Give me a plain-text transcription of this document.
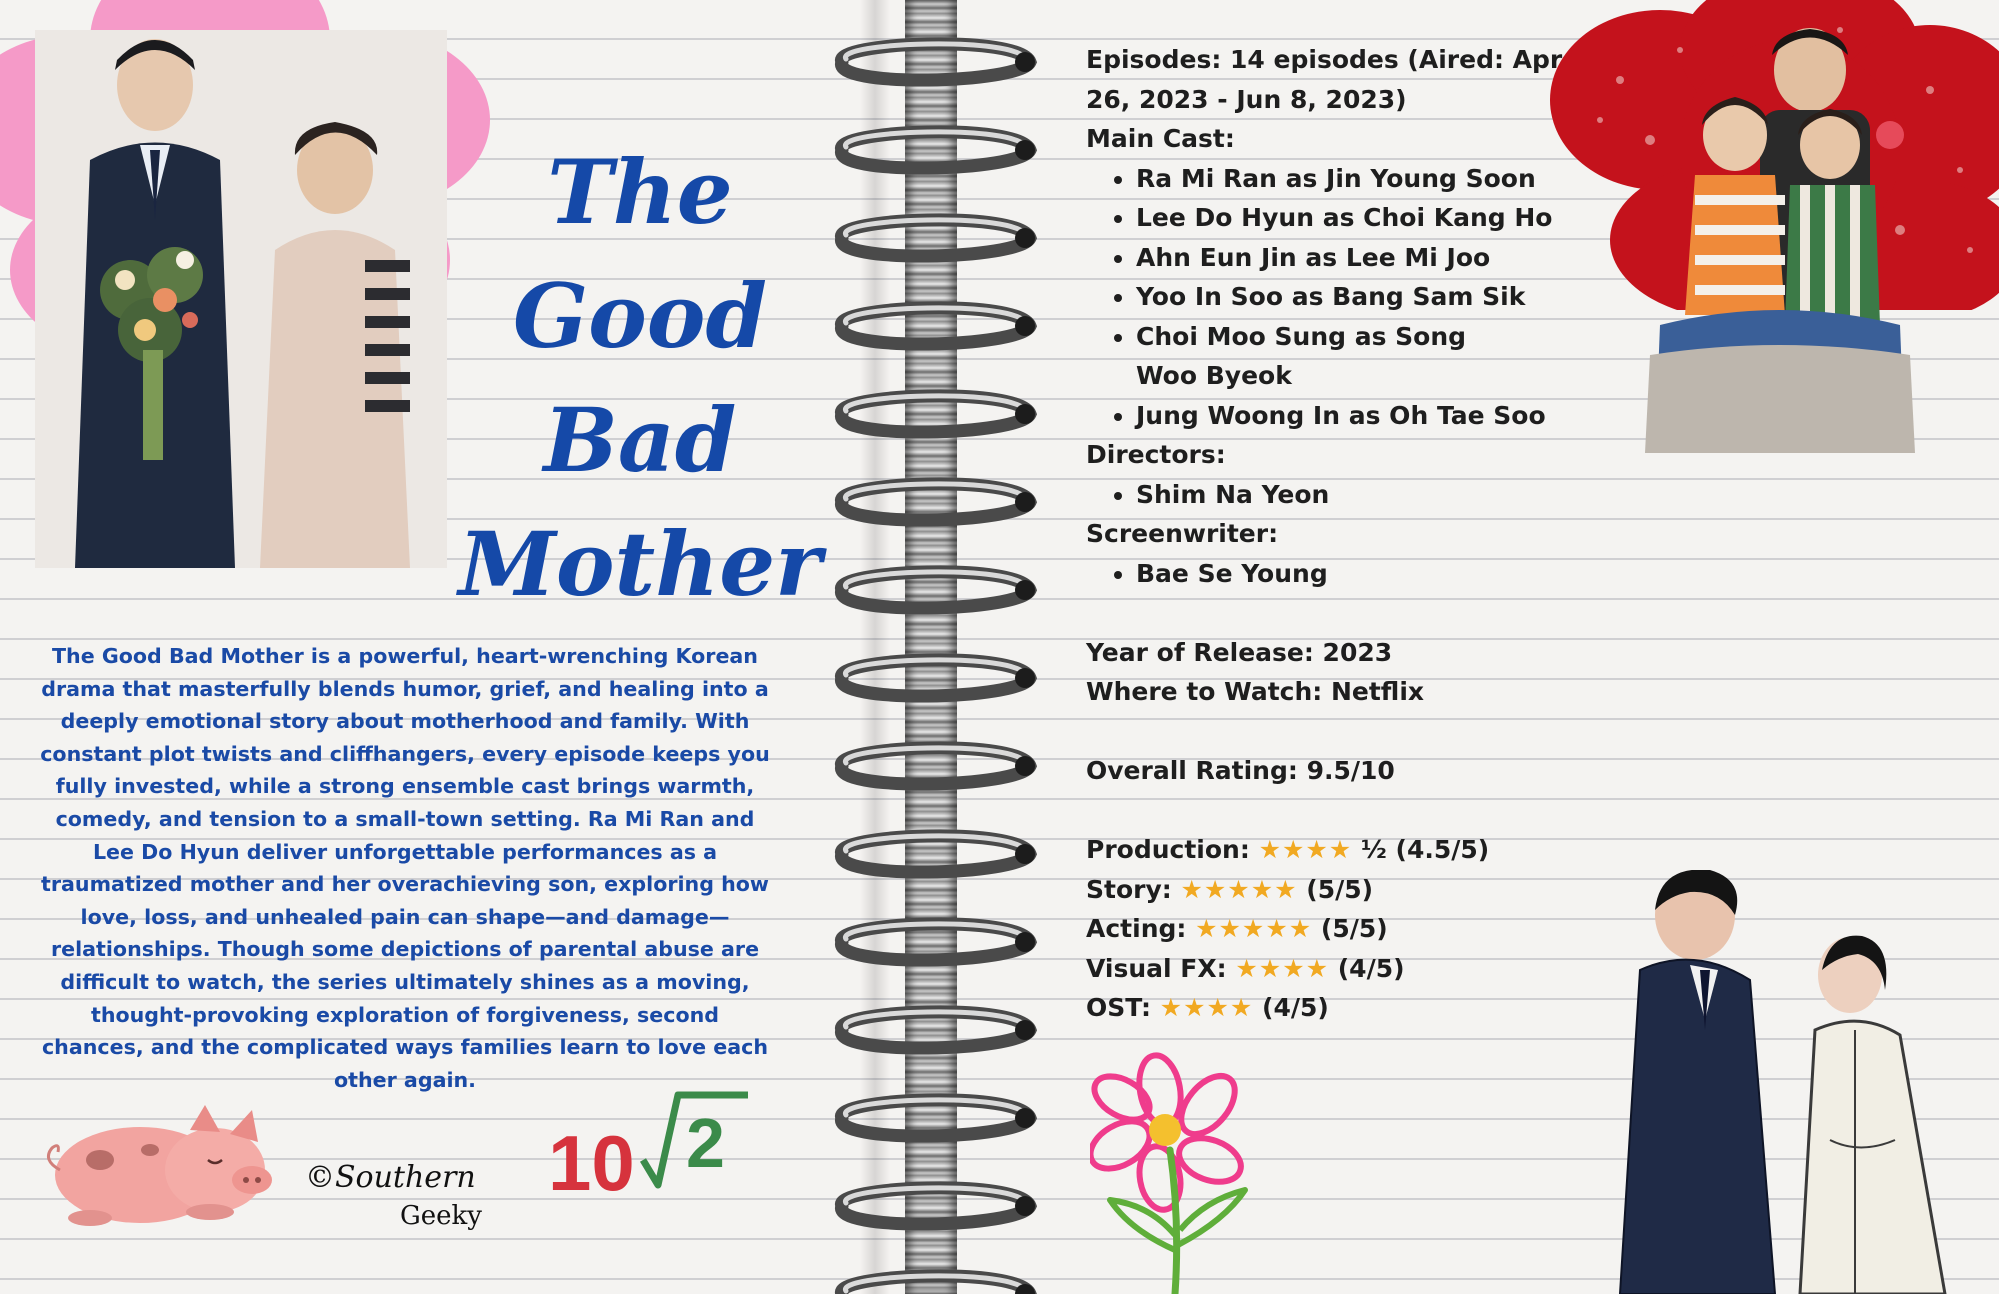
The Good
Bad
Mother

The Good Bad Mother is a powerful, heart-wrenching Korean drama that masterfully blends humor, grief, and healing into a deeply emotional story about motherhood and family. With constant plot twists and cliffhangers, every episode keeps you fully invested, while a strong ensemble cast brings warmth, comedy, and tension to a small-town setting. Ra Mi Ran and Lee Do Hyun deliver unforgettable performances as a traumatized mother and her overachieving son, exploring how love, loss, and unhealed pain can shape—and damage—relationships. Though some depictions of parental abuse are difficult to watch, the series ultimately shines as a moving, thought-provoking exploration of forgiveness, second chances, and the complicated ways families learn to love each other again.

Episodes: 14 episodes (Aired: Apr 26, 2023 - Jun 8, 2023)
Main Cast:
• Ra Mi Ran as Jin Young Soon
• Lee Do Hyun as Choi Kang Ho
• Ahn Eun Jin as Lee Mi Joo
• Yoo In Soo as Bang Sam Sik
• Choi Moo Sung as Song Woo Byeok
• Jung Woong In as Oh Tae Soo
Directors:
• Shim Na Yeon
Screenwriter:
• Bae Se Young
Year of Release: 2023
Where to Watch: Netflix
Overall Rating: 9.5/10
Production: ★★★★ ½ (4.5/5)
Story: ★★★★★ (5/5)
Acting: ★★★★★ (5/5)
Visual FX: ★★★★ (4/5)
OST: ★★★★ (4/5)
©Southern
Geeky
10 2
